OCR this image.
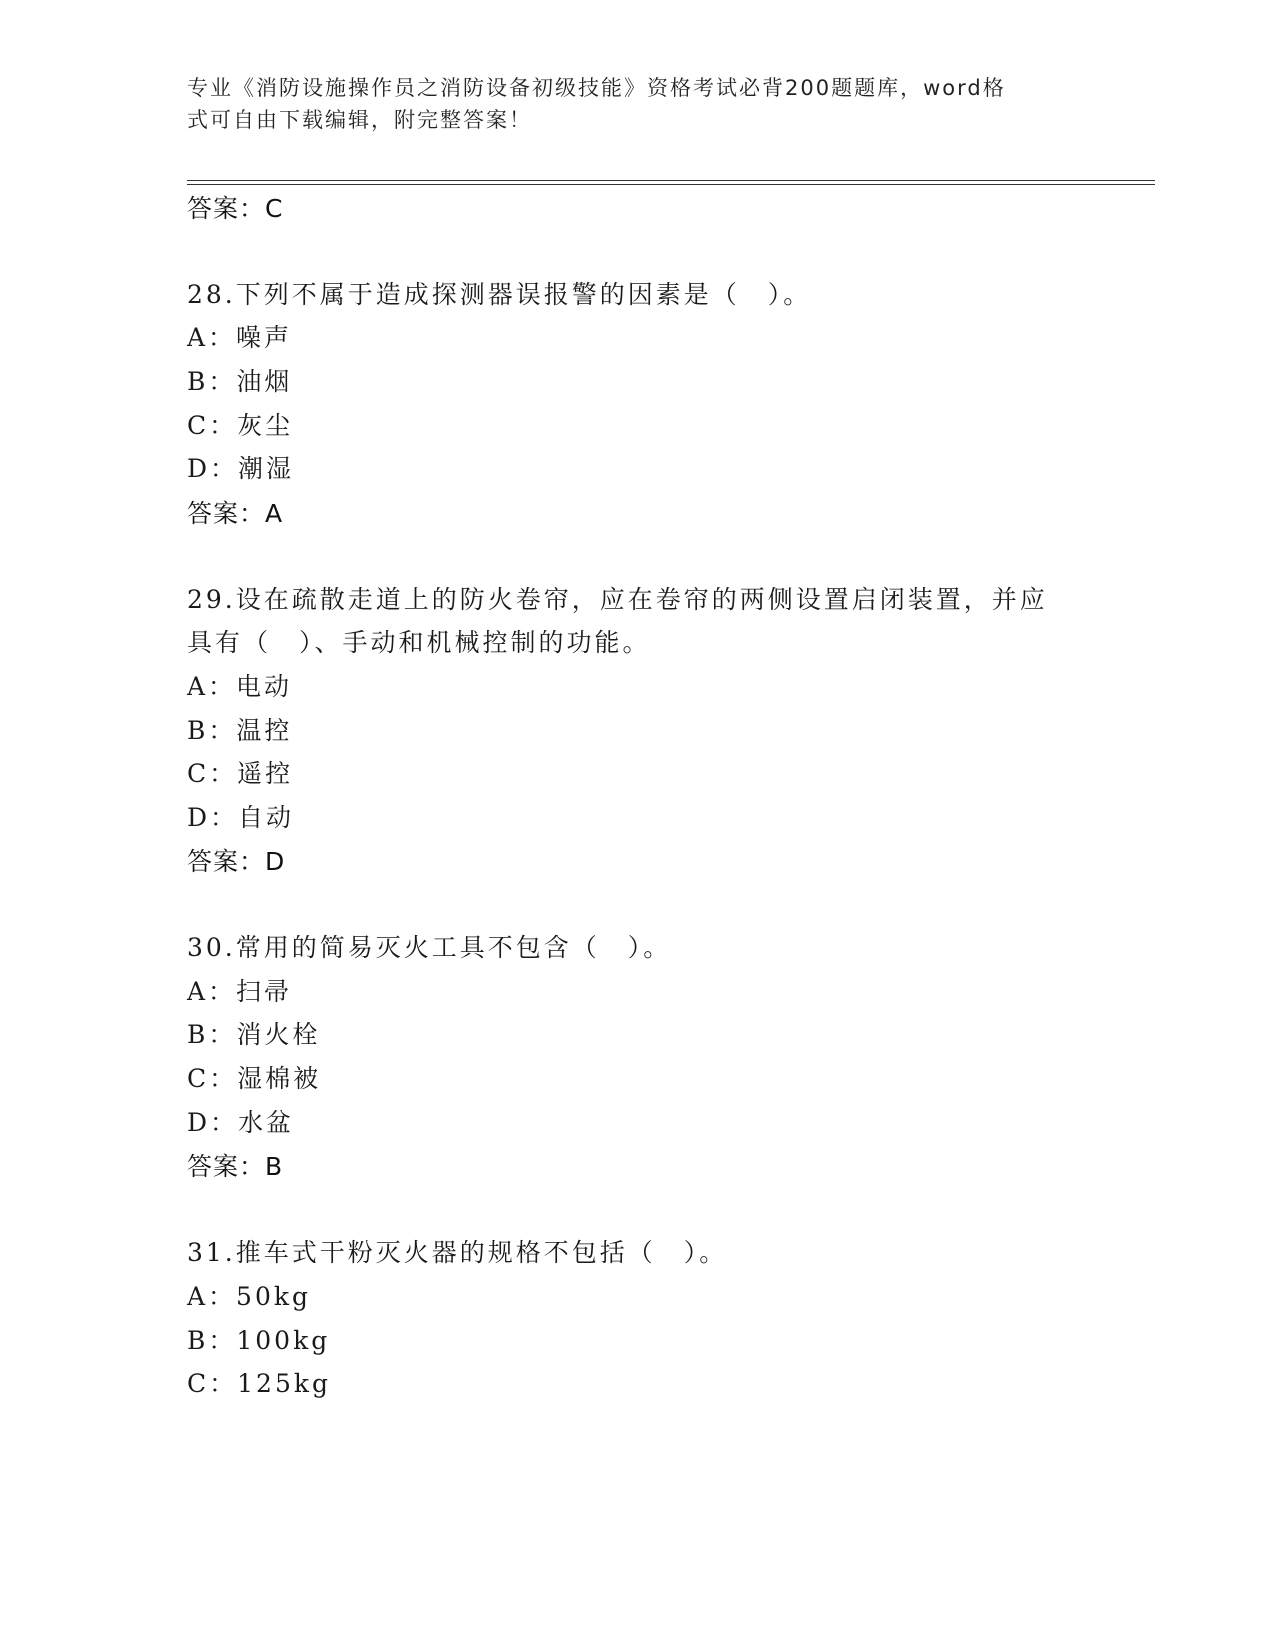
专业《消防设施操作员之消防设备初级技能》资格考试必背200题题库，word格
式可自由下载编辑，附完整答案！
答案：C
28.下列不属于造成探测器误报警的因素是（　）。
A：噪声
B：油烟
C：灰尘
D：潮湿
答案：A
29.设在疏散走道上的防火卷帘，应在卷帘的两侧设置启闭装置，并应
具有（　）、手动和机械控制的功能。
A：电动
B：温控
C：遥控
D：自动
答案：D
30.常用的简易灭火工具不包含（　）。
A：扫帚
B：消火栓
C：湿棉被
D：水盆
答案：B
31.推车式干粉灭火器的规格不包括（　）。
A：50kg
B：100kg
C：125kg
